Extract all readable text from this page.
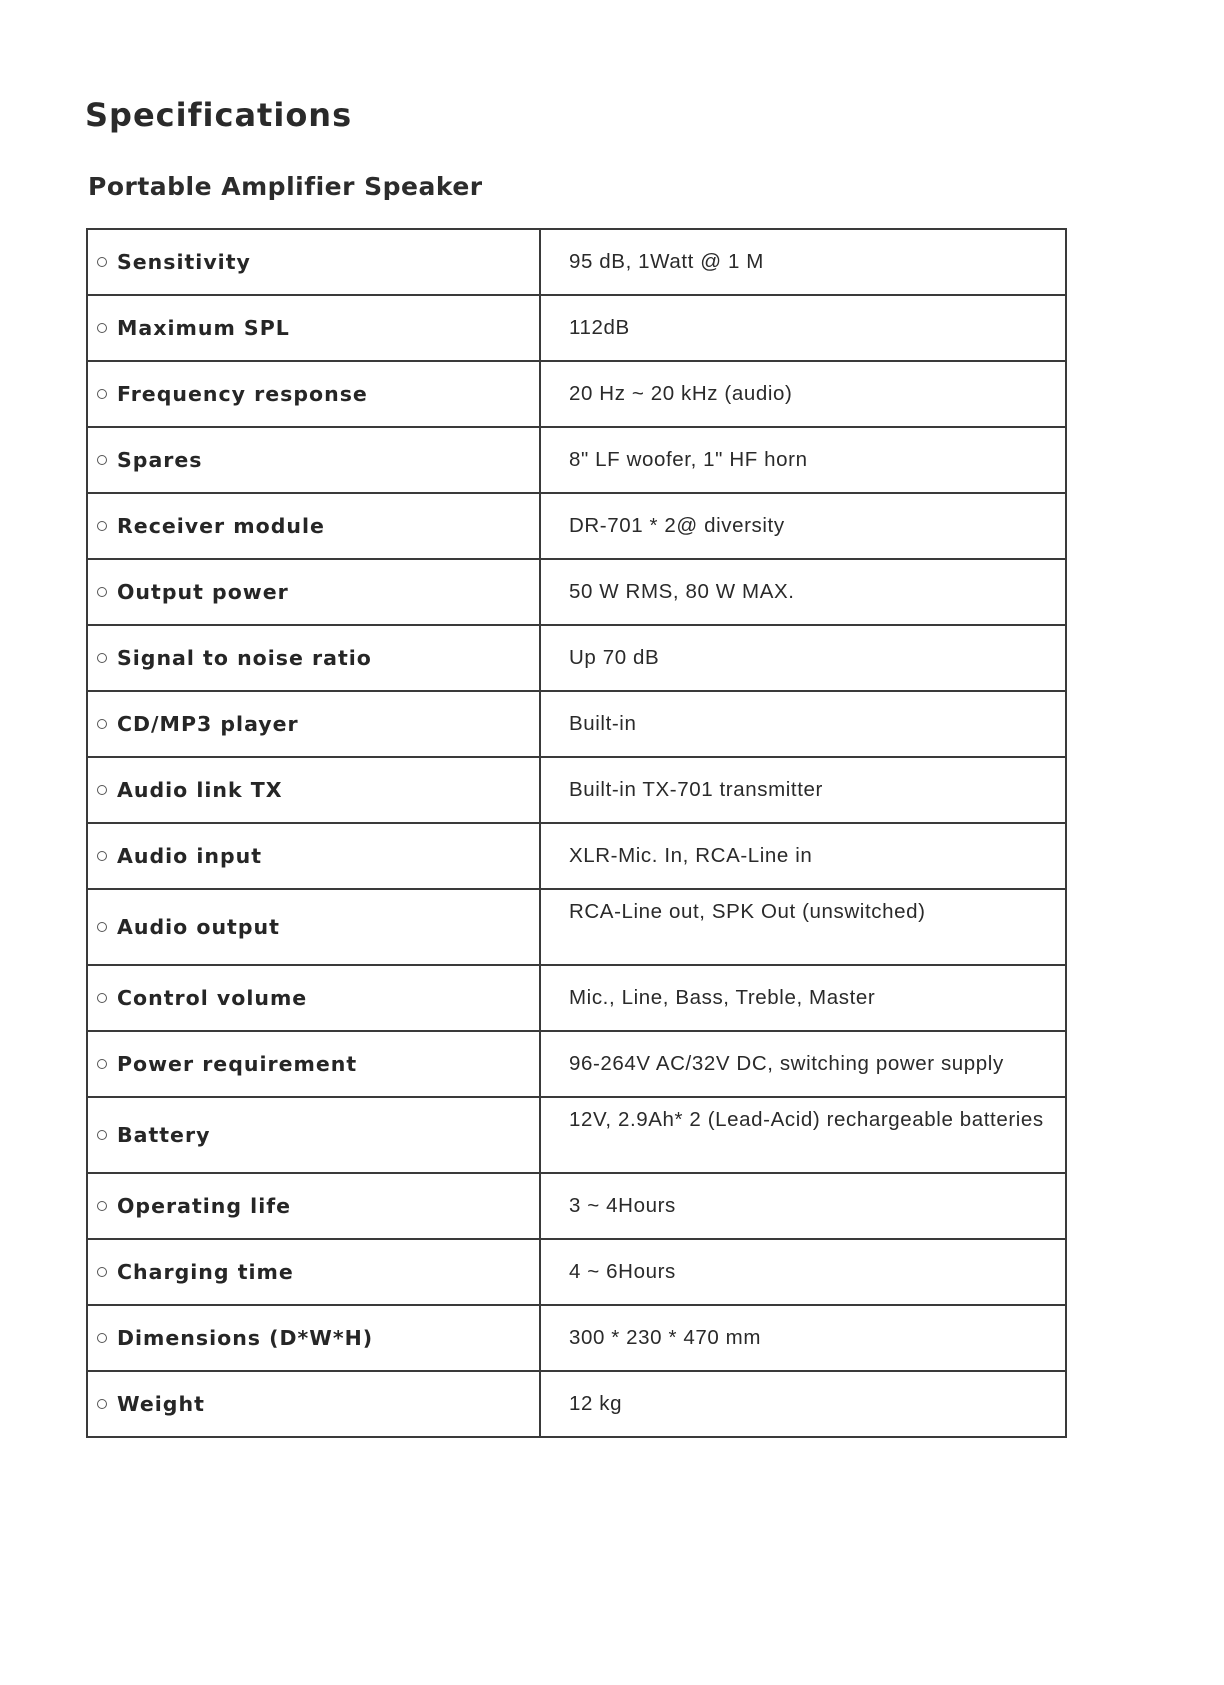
Specifications
Portable Amplifier Speaker
Sensitivity	95 dB, 1Watt @ 1 M
Maximum SPL	112dB
Frequency response	20 Hz ~ 20 kHz (audio)
Spares	8" LF woofer, 1" HF horn
Receiver module	DR-701 * 2@ diversity
Output power	50 W RMS, 80 W MAX.
Signal to noise ratio	Up 70 dB
CD/MP3 player	Built-in
Audio link TX	Built-in TX-701 transmitter
Audio input	XLR-Mic. In, RCA-Line in
Audio output	RCA-Line out, SPK Out (unswitched)
Control volume	Mic., Line, Bass, Treble, Master
Power requirement	96-264V AC/32V DC, switching power supply
Battery	12V, 2.9Ah* 2 (Lead-Acid) rechargeable batteries
Operating life	3 ~ 4Hours
Charging time	4 ~ 6Hours
Dimensions (D*W*H)	300 * 230 * 470 mm
Weight	12 kg
